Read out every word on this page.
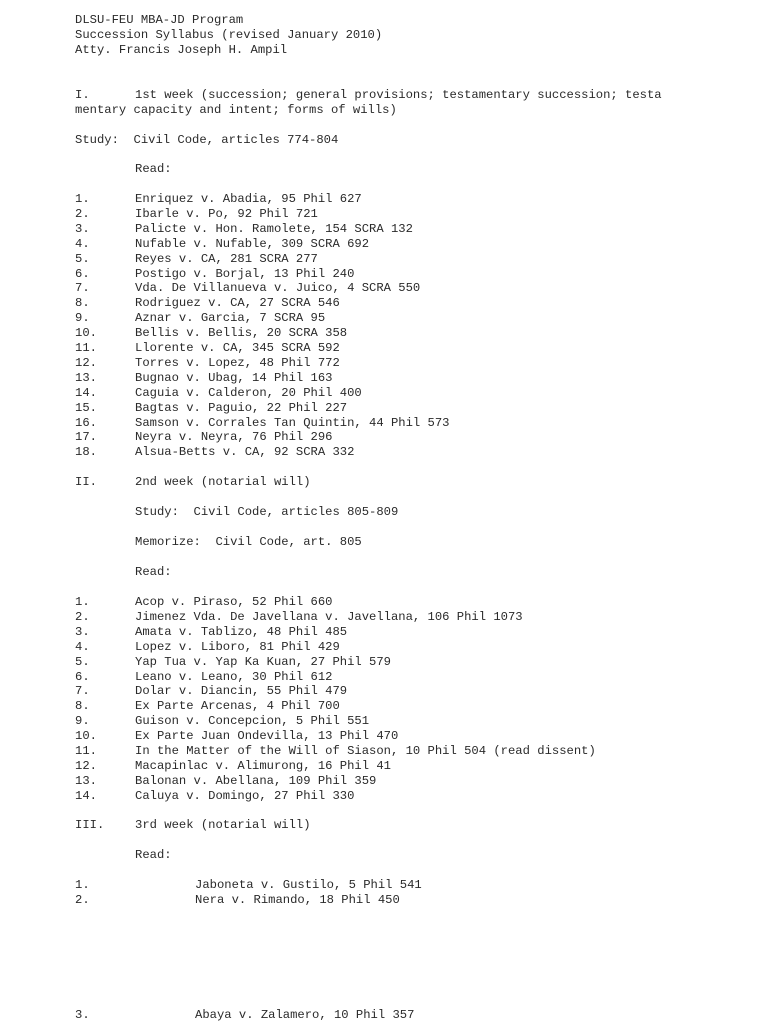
DLSU-FEU MBA-JD Program
Succession Syllabus (revised January 2010)
Atty. Francis Joseph H. Ampil
I.	1st week (succession; general provisions; testamentary succession; testa
mentary capacity and intent; forms of wills)
Study:  Civil Code, articles 774-804
Read:
1.	Enriquez v. Abadia, 95 Phil 627
2.	Ibarle v. Po, 92 Phil 721
3.	Palicte v. Hon. Ramolete, 154 SCRA 132
4.	Nufable v. Nufable, 309 SCRA 692
5.	Reyes v. CA, 281 SCRA 277
6.	Postigo v. Borjal, 13 Phil 240
7.	Vda. De Villanueva v. Juico, 4 SCRA 550
8.	Rodriguez v. CA, 27 SCRA 546
9.	Aznar v. Garcia, 7 SCRA 95
10.	Bellis v. Bellis, 20 SCRA 358
11.	Llorente v. CA, 345 SCRA 592
12.	Torres v. Lopez, 48 Phil 772
13.	Bugnao v. Ubag, 14 Phil 163
14.	Caguia v. Calderon, 20 Phil 400
15.	Bagtas v. Paguio, 22 Phil 227
16.	Samson v. Corrales Tan Quintin, 44 Phil 573
17.	Neyra v. Neyra, 76 Phil 296
18.	Alsua-Betts v. CA, 92 SCRA 332
II.	2nd week (notarial will)
Study:  Civil Code, articles 805-809
Memorize:  Civil Code, art. 805
Read:
1.	Acop v. Piraso, 52 Phil 660
2.	Jimenez Vda. De Javellana v. Javellana, 106 Phil 1073
3.	Amata v. Tablizo, 48 Phil 485
4.	Lopez v. Liboro, 81 Phil 429
5.	Yap Tua v. Yap Ka Kuan, 27 Phil 579
6.	Leano v. Leano, 30 Phil 612
7.	Dolar v. Diancin, 55 Phil 479
8.	Ex Parte Arcenas, 4 Phil 700
9.	Guison v. Concepcion, 5 Phil 551
10.	Ex Parte Juan Ondevilla, 13 Phil 470
11.	In the Matter of the Will of Siason, 10 Phil 504 (read dissent)
12.	Macapinlac v. Alimurong, 16 Phil 41
13.	Balonan v. Abellana, 109 Phil 359
14.	Caluya v. Domingo, 27 Phil 330
III.	3rd week (notarial will)
Read:
1.	Jaboneta v. Gustilo, 5 Phil 541
2.	Nera v. Rimando, 18 Phil 450
3.	Abaya v. Zalamero, 10 Phil 357
